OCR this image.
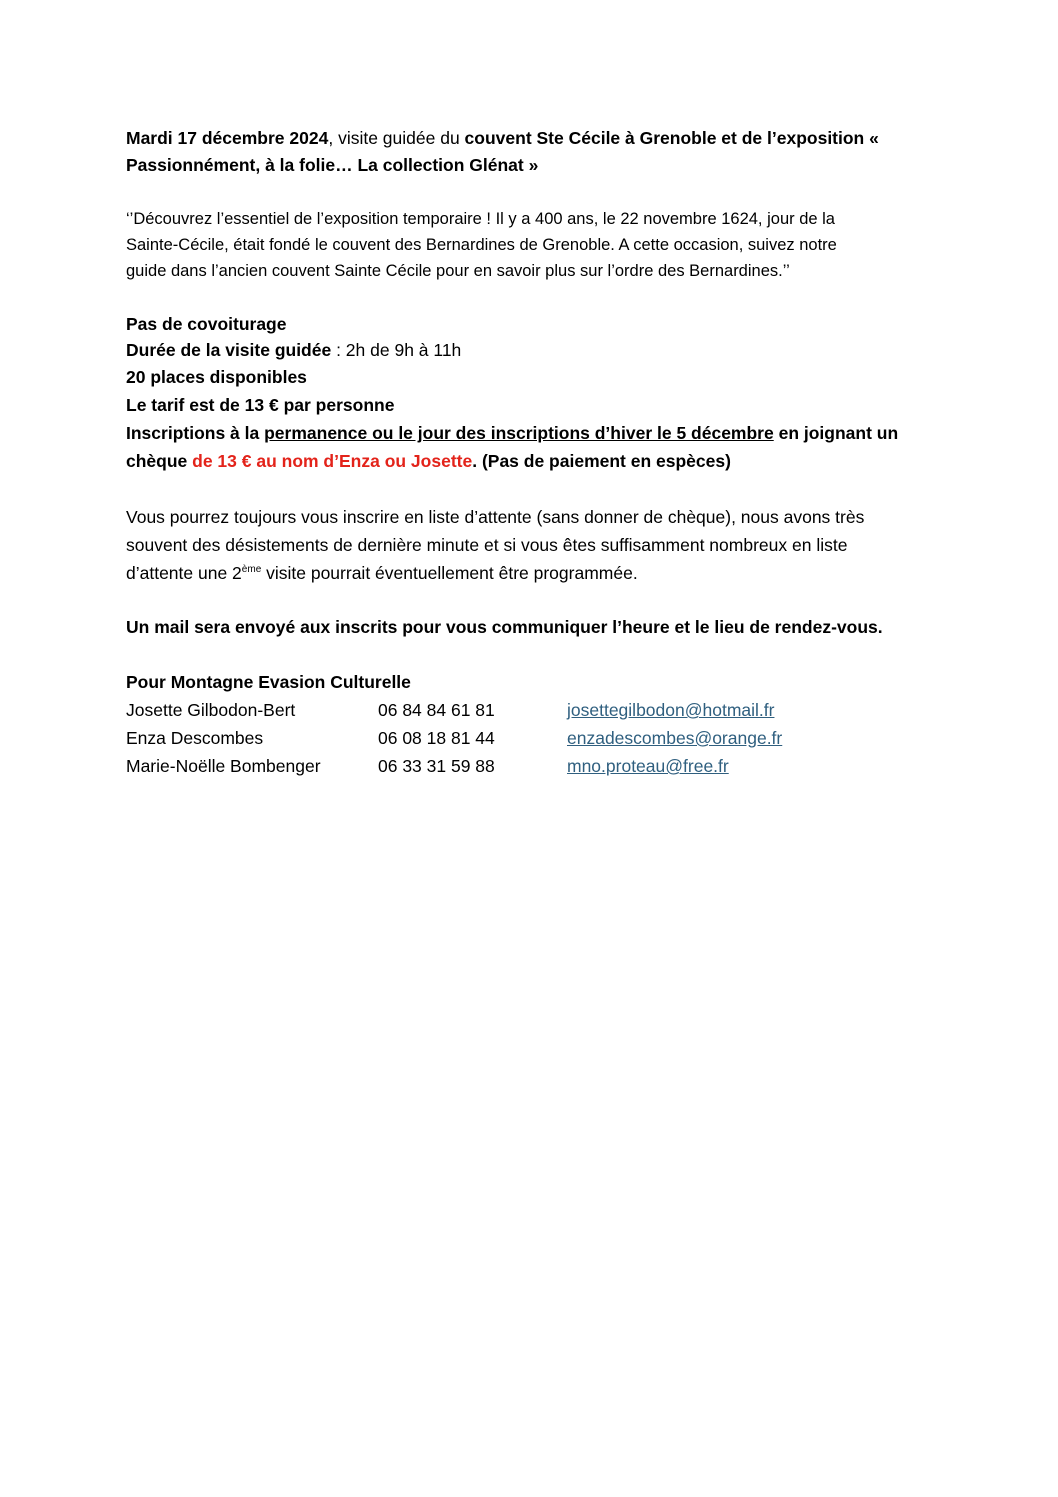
Mardi 17 décembre 2024, visite guidée du couvent Ste Cécile à Grenoble et de l’exposition «
Passionnément, à la folie… La collection Glénat »

‘’Découvrez l’essentiel de l’exposition temporaire ! Il y a 400 ans, le 22 novembre 1624, jour de la
Sainte-Cécile, était fondé le couvent des Bernardines de Grenoble. A cette occasion, suivez notre
guide dans l’ancien couvent Sainte Cécile pour en savoir plus sur l’ordre des Bernardines.’’

Pas de covoiturage
Durée de la visite guidée : 2h de 9h à 11h
20 places disponibles
Le tarif est de 13 € par personne
Inscriptions à la permanence ou le jour des inscriptions d’hiver le 5 décembre en joignant un
chèque de 13 € au nom d’Enza ou Josette. (Pas de paiement en espèces)

Vous pourrez toujours vous inscrire en liste d’attente (sans donner de chèque), nous avons très
souvent des désistements de dernière minute et si vous êtes suffisamment nombreux en liste
d’attente une 2ème visite pourrait éventuellement être programmée.

Un mail sera envoyé aux inscrits pour vous communiquer l’heure et le lieu de rendez-vous.

Pour Montagne Evasion Culturelle
Josette Gilbodon-Bert	06 84 84 61 81	josettegilbodon@hotmail.fr
Enza Descombes	06 08 18 81 44	enzadescombes@orange.fr
Marie-Noëlle Bombenger	06 33 31 59 88	mno.proteau@free.fr
